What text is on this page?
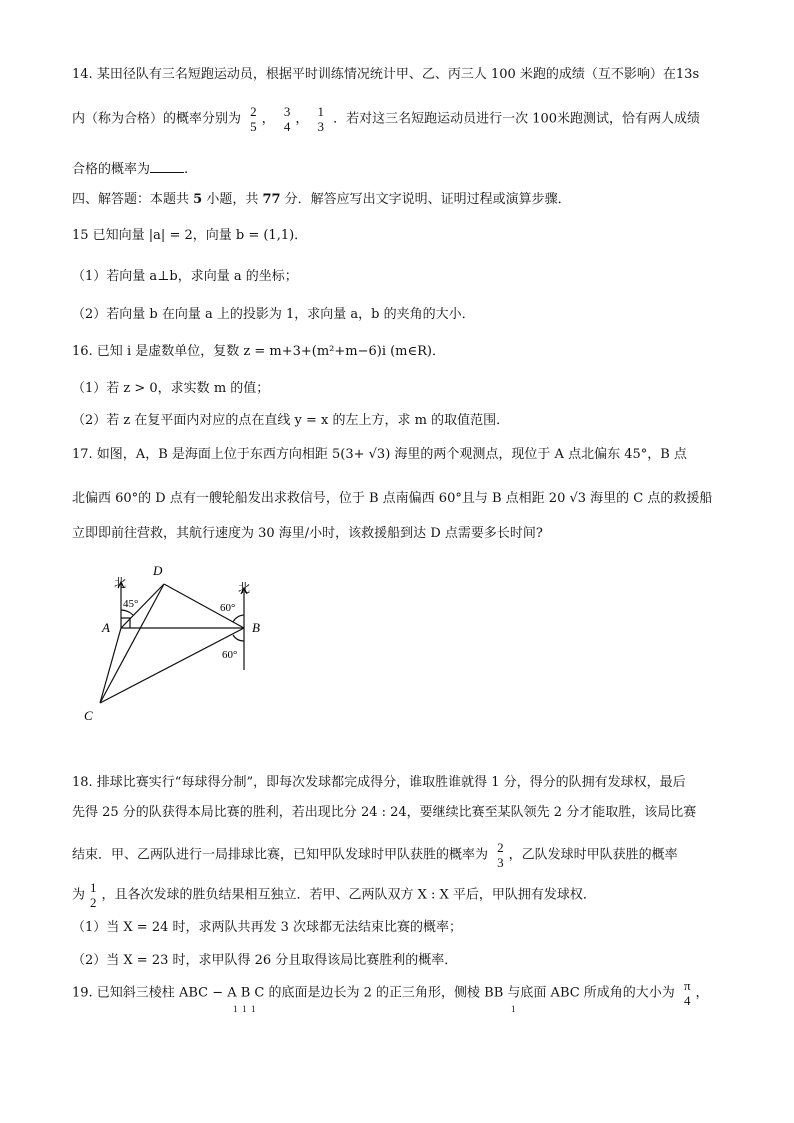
14. 某田径队有三名短跑运动员，根据平时训练情况统计甲、乙、丙三人 100 米跑的成绩（互不影响）在13s
内（称为合格）的概率分别为 2
5 ， 3
4 ， 1
3 ．若对这三名短跑运动员进行一次 100米跑测试，恰有两人成绩
合格的概率为	.
四、解答题：本题共 5 小题，共 77 分．解答应写出文字说明、证明过程或演算步骤．
15 已知向量 |a| = 2，向量 b = (1,1)．
（1）若向量 a⊥b，求向量 a 的坐标；
（2）若向量 b 在向量 a 上的投影为 1，求向量 a，b 的夹角的大小．
16. 已知 i 是虚数单位，复数 z = m+3+(m²+m−6)i (m∈R)．
（1）若 z > 0，求实数 m 的值；
（2）若 z 在复平面内对应的点在直线 y = x 的左上方，求 m 的取值范围．
17. 如图，A，B 是海面上位于东西方向相距 5(3+ √3) 海里的两个观测点，现位于 A 点北偏东 45°，B 点
北偏西 60°的 D 点有一艘轮船发出求救信号，位于 B 点南偏西 60°且与 B 点相距 20 √3 海里的 C 点的救援船
立即即前往营救，其航行速度为 30 海里/小时，该救援船到达 D 点需要多长时间?
D
A	B
C
北	北
45°	60°
60°
18. 排球比赛实行“每球得分制”，即每次发球都完成得分，谁取胜谁就得 1 分，得分的队拥有发球权，最后
先得 25 分的队获得本局比赛的胜利，若出现比分 24 : 24，要继续比赛至某队领先 2 分才能取胜，该局比赛
结束．甲、乙两队进行一局排球比赛，已知甲队发球时甲队获胜的概率为 2
3 ，乙队发球时甲队获胜的概率
为 1
2 ，且各次发球的胜负结果相互独立．若甲、乙两队双方 X : X 平后，甲队拥有发球权．
（1）当 X = 24 时，求两队共再发 3 次球都无法结束比赛的概率；
（2）当 X = 23 时，求甲队得 26 分且取得该局比赛胜利的概率．
19. 已知斜三棱柱 ABC − A B C 的底面是边长为 2 的正三角形，侧棱 BB 与底面 ABC 所成角的大小为 π
4 ，
1  1  1	1
